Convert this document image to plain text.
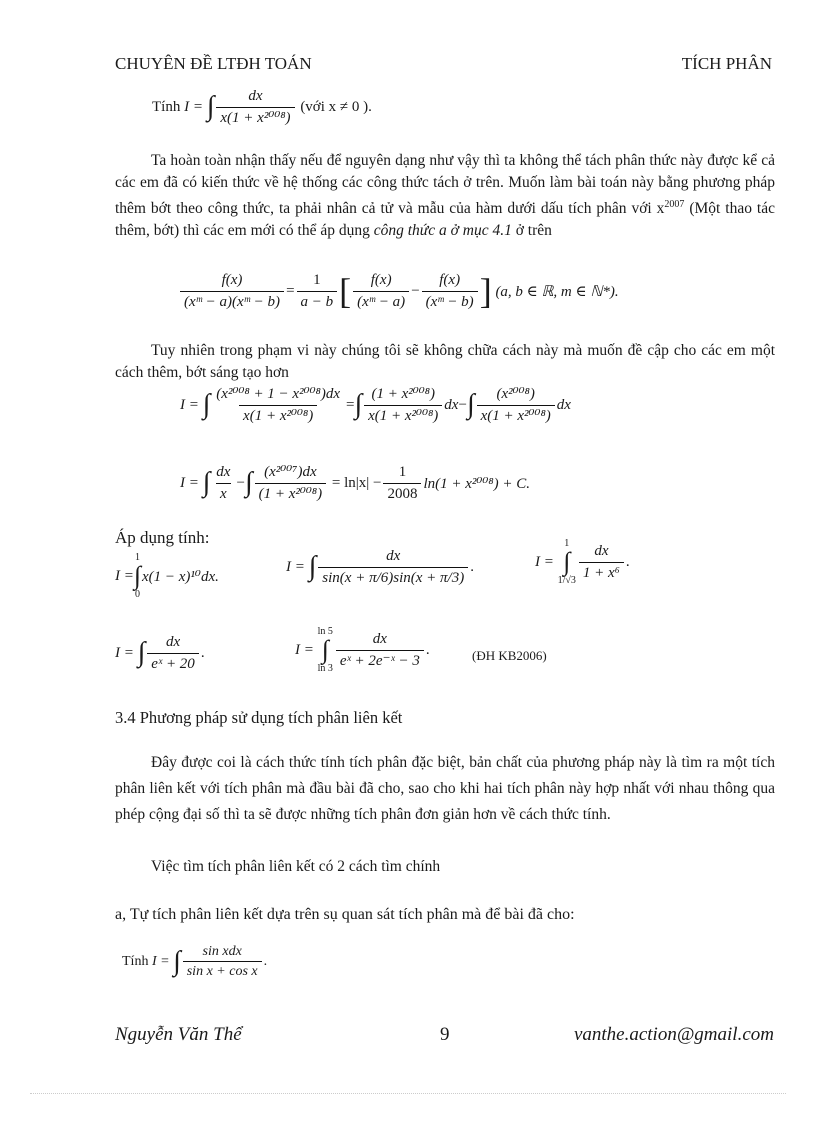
CHUYÊN ĐỀ LTĐH TOÁN	TÍCH PHÂN
Tính
I =
∫ $\frac{dx}{\text{x(1 + x²⁰⁰⁸)}}$
(với x ≠ 0 ).
Ta hoàn toàn nhận thấy nếu để nguyên dạng như vậy thì ta không thể tách phân thức này được kể cả các em đã có kiến thức về hệ thống các công thức tách ở trên. Muốn làm bài toán này bằng phương pháp thêm bớt theo công thức, ta phải nhân cả tử và mẫu của hàm dưới dấu tích phân với $x^{2007}$ (Một thao tác thêm, bớt) thì các em mới có thể áp dụng công thức a ở mục 4.1 ở trên
$\frac{f(x)}{\text{(xᵐ − a)(xᵐ − b)}} = \frac{1}{a - b}$ [ $\frac{f(x)}{\text{(xᵐ − a)}} - \frac{f(x)}{\text{(xᵐ − b)}}$ ]
(a, b ∈ ℝ, m ∈ ℕ*).
Tuy nhiên trong phạm vi này chúng tôi sẽ không chữa cách này mà muốn đề cập cho các em một cách thêm, bớt sáng tạo hơn
I =
∫ $\frac{\text{(x²⁰⁰⁸ + 1 − x²⁰⁰⁸)dx}}{\text{x(1 + x²⁰⁰⁸)}}$ = ∫ $\frac{\text{(1 + x²⁰⁰⁸)}}{\text{x(1 + x²⁰⁰⁸)}}$ dx − ∫ $\frac{\text{(x²⁰⁰⁸)}}{\text{x(1 + x²⁰⁰⁸)}}$ dx
I =
∫ $\frac{dx}{x}$ − ∫ $\frac{\text{(x²⁰⁰⁷)dx}}{\text{(1 + x²⁰⁰⁸)}}$
= $\ln|x| - \frac{1}{2008} \ln(1 + x^{2008}) + C$.
Áp dụng tính:
I =
1
∫
0
x(1 − x)¹⁰dx.
I =
∫ $\frac{dx}{\sin(x + \pi/6)\sin(x + \pi/3)}$ .	I =

1
∫
$1/√3 \frac{dx}{\text{1 + x⁶}}$ .
I =
∫ $\frac{dx}{\text{eˣ + 20}}$ .	I =

ln 5
∫
$\ln 3 \frac{dx}{\text{eˣ + 2e⁻ˣ − 3}}$ .	(ĐH KB2006)
3.4 Phương pháp sử dụng tích phân liên kết
Đây được coi là cách thức tính tích phân đặc biệt, bản chất của phương pháp này là tìm ra một tích phân liên kết với tích phân mà đầu bài đã cho, sao cho khi hai tích phân này hợp nhất với nhau thông qua phép cộng đại số thì ta sẽ được những tích phân đơn giản hơn về cách thức tính.
Việc tìm tích phân liên kết có 2 cách tìm chính
a, Tự tích phân liên kết dựa trên sụ quan sát tích phân mà để bài đã cho:
Tính
I =
∫ $\frac{\text{sin xdx}}{\text{sin x + cos x}}$ .
Nguyễn Văn Thể	9	vanthe.action@gmail.com
